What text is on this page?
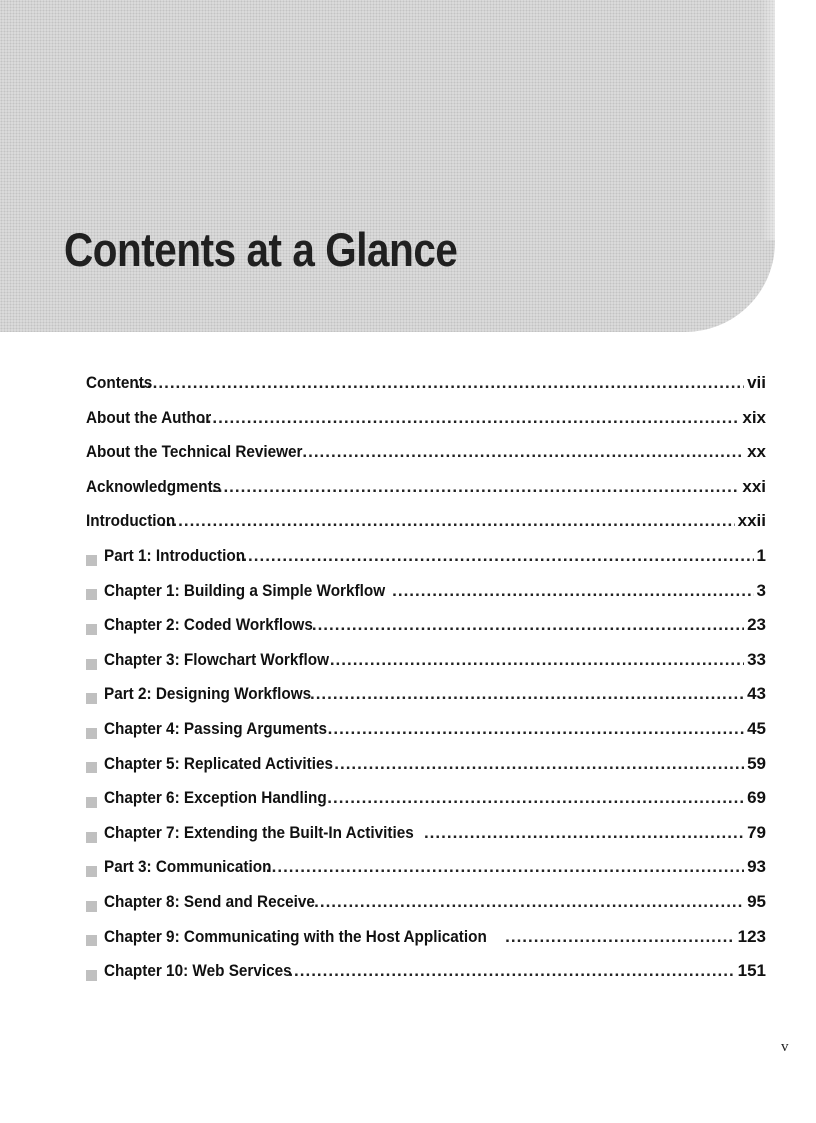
Contents at a Glance
Contents .....	vii
About the Author .....	xix
About the Technical Reviewer .....	xx
Acknowledgments .....	xxi
Introduction .....	xxii
Part 1: Introduction .....	1
Chapter 1: Building a Simple Workflow .....	3
Chapter 2: Coded Workflows .....	23
Chapter 3: Flowchart Workflow .....	33
Part 2: Designing Workflows .....	43
Chapter 4: Passing Arguments .....	45
Chapter 5: Replicated Activities .....	59
Chapter 6: Exception Handling .....	69
Chapter 7: Extending the Built-In Activities .....	79
Part 3: Communication .....	93
Chapter 8: Send and Receive .....	95
Chapter 9: Communicating with the Host Application .....	123
Chapter 10: Web Services .....	151
v
